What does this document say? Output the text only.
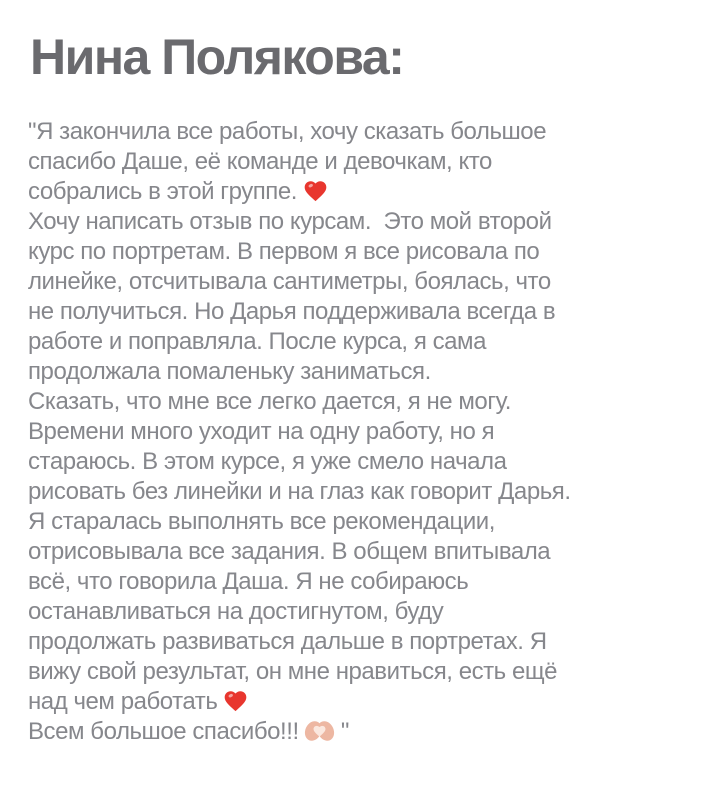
Нина Полякова:
"Я закончила все работы, хочу сказать большое
спасибо Даше, её команде и девочкам, кто
собрались в этой группе.
Хочу написать отзыв по курсам.  Это мой второй
курс по портретам. В первом я все рисовала по
линейке, отсчитывала сантиметры, боялась, что
не получиться. Но Дарья поддерживала всегда в
работе и поправляла. После курса, я сама
продолжала помаленьку заниматься.
Сказать, что мне все легко дается, я не могу.
Времени много уходит на одну работу, но я
стараюсь. В этом курсе, я уже смело начала
рисовать без линейки и на глаз как говорит Дарья.
Я старалась выполнять все рекомендации,
отрисовывала все задания. В общем впитывала
всё, что говорила Даша. Я не собираюсь
останавливаться на достигнутом, буду
продолжать развиваться дальше в портретах. Я
вижу свой результат, он мне нравиться, есть ещё
над чем работать
Всем большое спасибо!!! "
